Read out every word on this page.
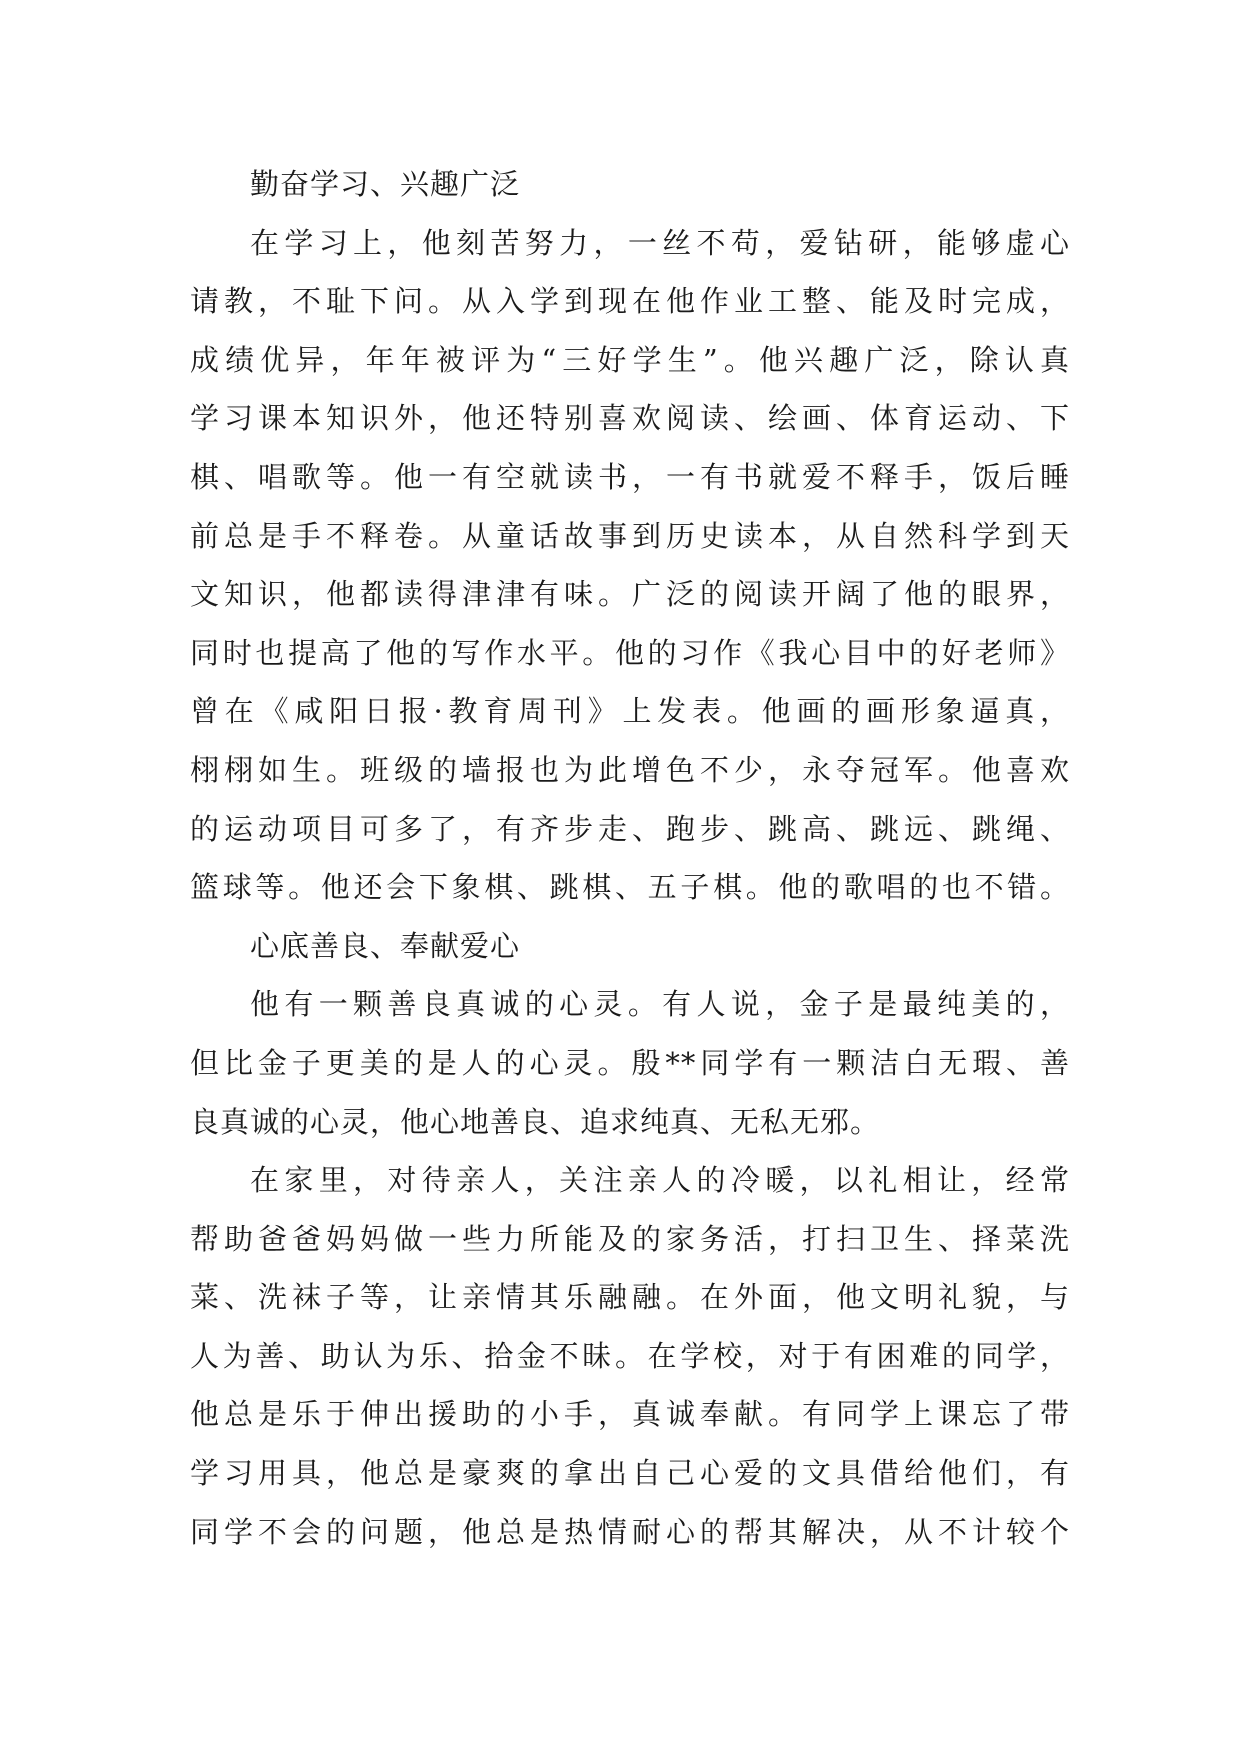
勤奋学习、兴趣广泛
在学习上，他刻苦努力，一丝不苟，爱钻研，能够虚心
请教，不耻下问。从入学到现在他作业工整、能及时完成，
成绩优异，年年被评为“三好学生”。他兴趣广泛，除认真
学习课本知识外，他还特别喜欢阅读、绘画、体育运动、下
棋、唱歌等。他一有空就读书，一有书就爱不释手，饭后睡
前总是手不释卷。从童话故事到历史读本，从自然科学到天
文知识，他都读得津津有味。广泛的阅读开阔了他的眼界，
同时也提高了他的写作水平。他的习作《我心目中的好老师》
曾在《咸阳日报·教育周刊》上发表。他画的画形象逼真，
栩栩如生。班级的墙报也为此增色不少，永夺冠军。他喜欢
的运动项目可多了，有齐步走、跑步、跳高、跳远、跳绳、
篮球等。他还会下象棋、跳棋、五子棋。他的歌唱的也不错。
心底善良、奉献爱心
他有一颗善良真诚的心灵。有人说，金子是最纯美的，
但比金子更美的是人的心灵。殷**同学有一颗洁白无瑕、善
良真诚的心灵，他心地善良、追求纯真、无私无邪。
在家里，对待亲人，关注亲人的冷暖，以礼相让，经常
帮助爸爸妈妈做一些力所能及的家务活，打扫卫生、择菜洗
菜、洗袜子等，让亲情其乐融融。在外面，他文明礼貌，与
人为善、助认为乐、拾金不昧。在学校，对于有困难的同学，
他总是乐于伸出援助的小手，真诚奉献。有同学上课忘了带
学习用具，他总是豪爽的拿出自己心爱的文具借给他们，有
同学不会的问题，他总是热情耐心的帮其解决，从不计较个
